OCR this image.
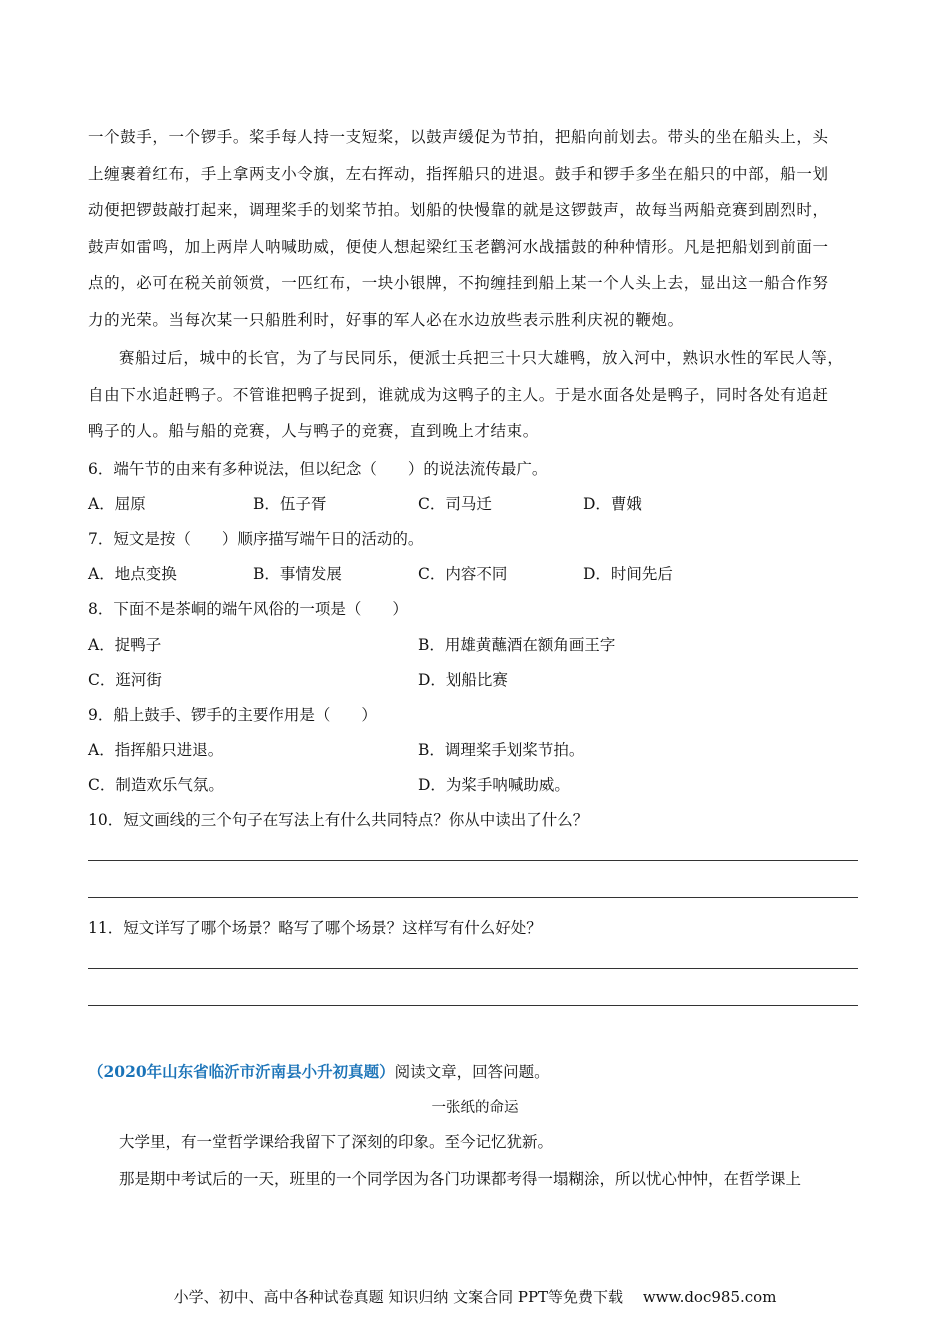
一个鼓手，一个锣手。桨手每人持一支短桨，以鼓声缓促为节拍，把船向前划去。带头的坐在船头上，头
上缠裹着红布，手上拿两支小令旗，左右挥动，指挥船只的进退。鼓手和锣手多坐在船只的中部，船一划
动便把锣鼓敲打起来，调理桨手的划桨节拍。划船的快慢靠的就是这锣鼓声，故每当两船竞赛到剧烈时，
鼓声如雷鸣，加上两岸人呐喊助威，便使人想起梁红玉老鹳河水战擂鼓的种种情形。凡是把船划到前面一
点的，必可在税关前领赏，一匹红布，一块小银牌，不拘缠挂到船上某一个人头上去，显出这一船合作努
力的光荣。当每次某一只船胜利时，好事的军人必在水边放些表示胜利庆祝的鞭炮。
赛船过后，城中的长官，为了与民同乐，便派士兵把三十只大雄鸭，放入河中，熟识水性的军民人等，
自由下水追赶鸭子。不管谁把鸭子捉到，谁就成为这鸭子的主人。于是水面各处是鸭子，同时各处有追赶
鸭子的人。船与船的竞赛，人与鸭子的竞赛，直到晚上才结束。
6．端午节的由来有多种说法，但以纪念（　　）的说法流传最广。
A．屈原	B．伍子胥	C．司马迁	D．曹娥
7．短文是按（　　）顺序描写端午日的活动的。
A．地点变换	B．事情发展	C．内容不同	D．时间先后
8．下面不是茶峒的端午风俗的一项是（　　）
A．捉鸭子	B．用雄黄蘸酒在额角画王字
C．逛河街	D．划船比赛
9．船上鼓手、锣手的主要作用是（　　）
A．指挥船只进退。	B．调理桨手划桨节拍。
C．制造欢乐气氛。	D．为桨手呐喊助威。
10．短文画线的三个句子在写法上有什么共同特点？你从中读出了什么？
11．短文详写了哪个场景？略写了哪个场景？这样写有什么好处？
（2020年山东省临沂市沂南县小升初真题）阅读文章，回答问题。
一张纸的命运
大学里，有一堂哲学课给我留下了深刻的印象。至今记忆犹新。
那是期中考试后的一天，班里的一个同学因为各门功课都考得一塌糊涂，所以忧心忡忡，在哲学课上
小学、初中、高中各种试卷真题 知识归纳 文案合同 PPT等免费下载　 www.doc985.com
